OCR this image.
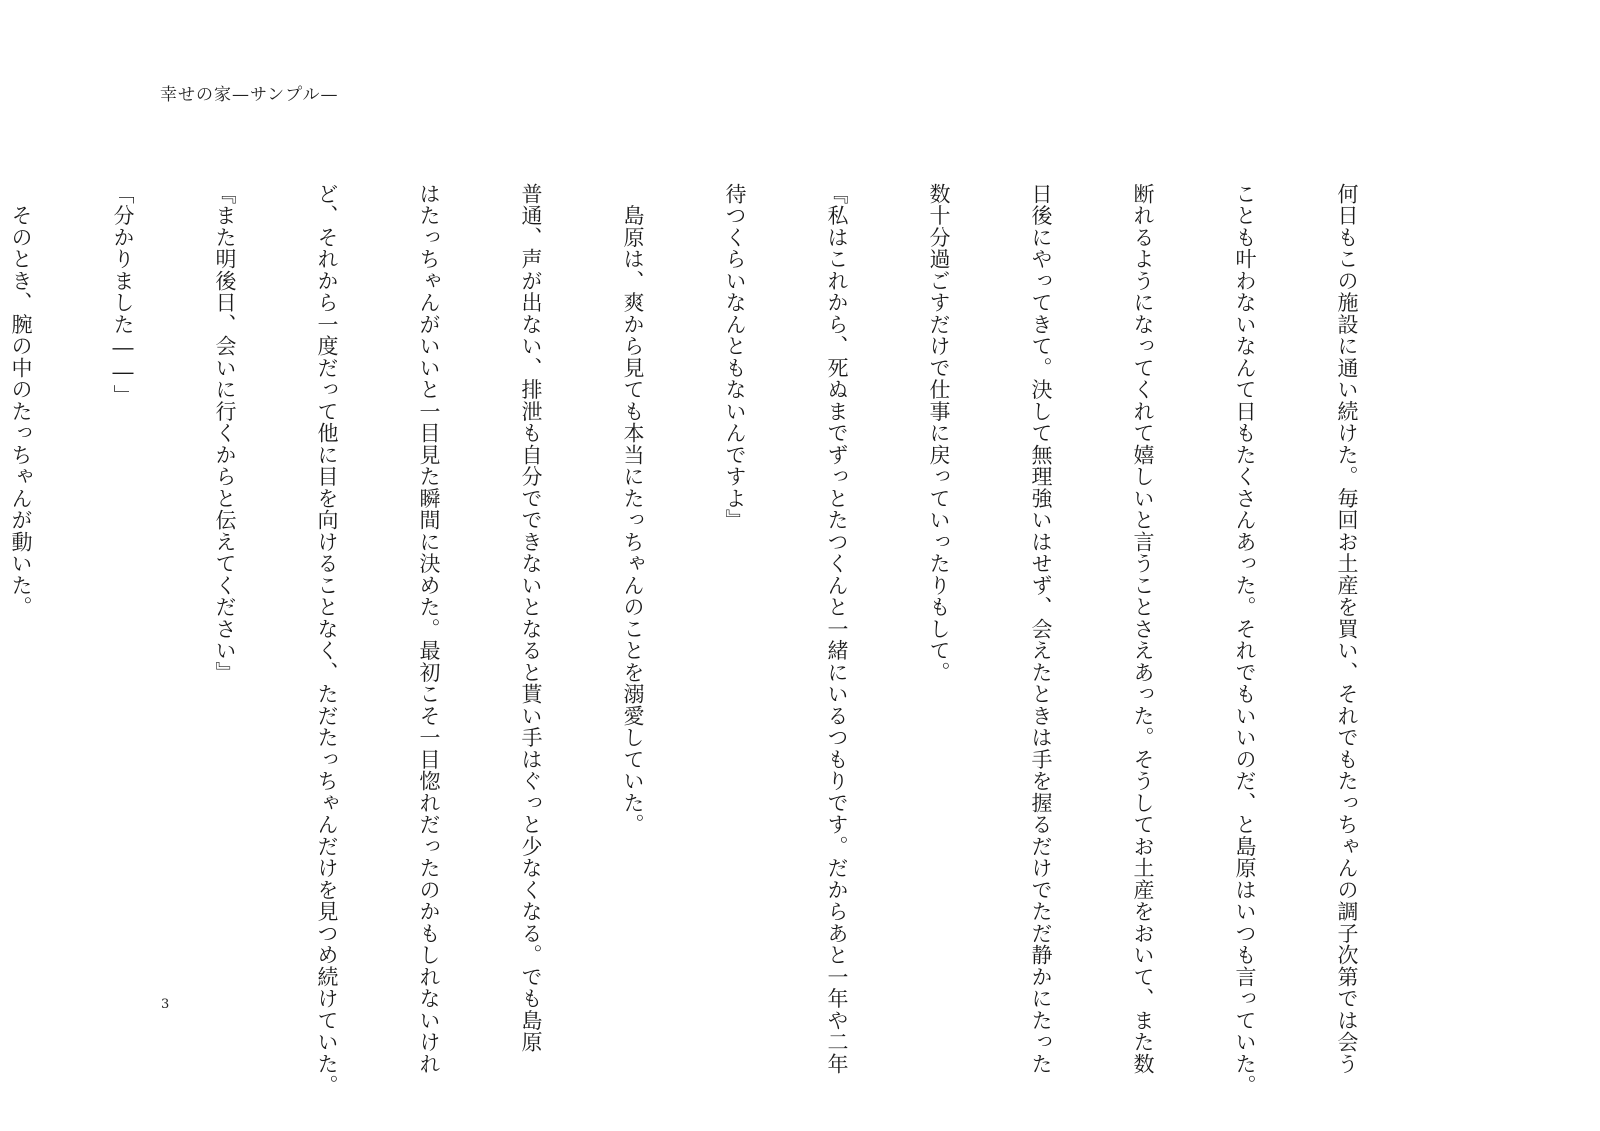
幸せの家—サンプル—

何日もこの施設に通い続けた。毎回お土産を買い、それでもたっちゃんの調子次第では会う

ことも叶わないなんて日もたくさんあった。それでもいいのだ、と島原はいつも言っていた。

断れるようになってくれて嬉しいと言うことさえあった。そうしてお土産をおいて、また数

日後にやってきて。決して無理強いはせず、会えたときは手を握るだけでただ静かにたった

数十分過ごすだけで仕事に戻っていったりもして。

『私はこれから、死ぬまでずっとたつくんと一緒にいるつもりです。だからあと一年や二年

待つくらいなんともないんですよ』

　島原は、爽から見ても本当にたっちゃんのことを溺愛していた。

普通、声が出ない、排泄も自分でできないとなると貰い手はぐっと少なくなる。でも島原

はたっちゃんがいいと一目見た瞬間に決めた。最初こそ一目惚れだったのかもしれないけれ

ど、それから一度だって他に目を向けることなく、ただたっちゃんだけを見つめ続けていた。

『また明後日、会いに行くからと伝えてください』

「分かりました――」

　そのとき、腕の中のたっちゃんが動いた。

3
